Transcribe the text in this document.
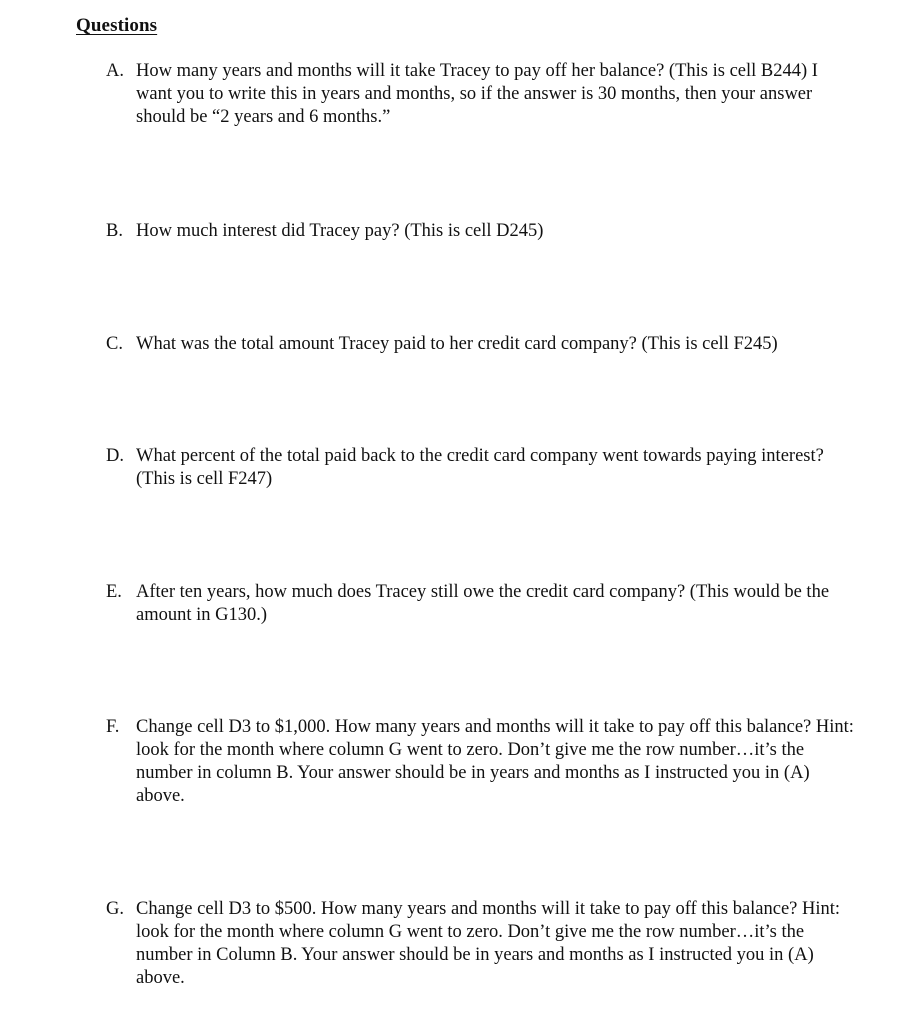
Questions
A. How many years and months will it take Tracey to pay off her balance? (This is cell B244) I want you to write this in years and months, so if the answer is 30 months, then your answer should be “2 years and 6 months.”
B. How much interest did Tracey pay? (This is cell D245)
C. What was the total amount Tracey paid to her credit card company? (This is cell F245)
D. What percent of the total paid back to the credit card company went towards paying interest? (This is cell F247)
E. After ten years, how much does Tracey still owe the credit card company? (This would be the amount in G130.)
F. Change cell D3 to $1,000. How many years and months will it take to pay off this balance? Hint: look for the month where column G went to zero. Don’t give me the row number…it’s the number in column B. Your answer should be in years and months as I instructed you in (A) above.
G. Change cell D3 to $500. How many years and months will it take to pay off this balance? Hint: look for the month where column G went to zero. Don’t give me the row number…it’s the number in Column B. Your answer should be in years and months as I instructed you in (A) above.
